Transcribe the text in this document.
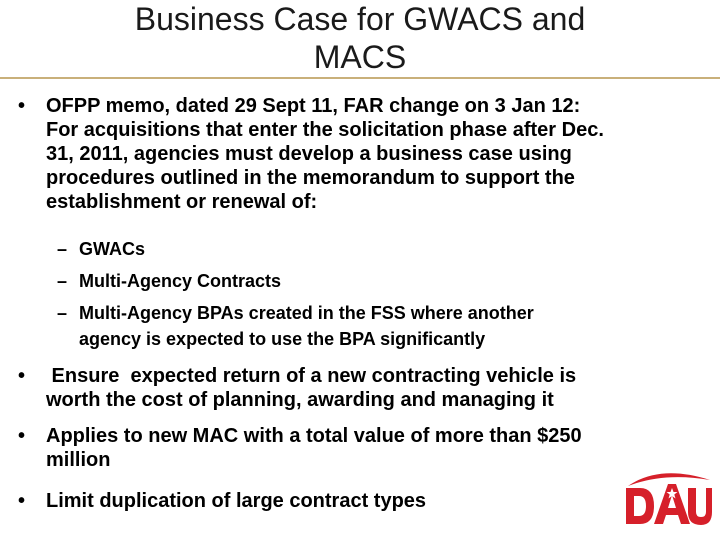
Business Case for GWACS and
MACS
• OFPP memo, dated 29 Sept 11, FAR change on 3 Jan 12:
For acquisitions that enter the solicitation phase after Dec.
31, 2011, agencies must develop a business case using
procedures outlined in the memorandum to support the
establishment or renewal of:
– GWACs
– Multi-Agency Contracts
– Multi-Agency BPAs created in the FSS where another
agency is expected to use the BPA significantly
• Ensure  expected return of a new contracting vehicle is
worth the cost of planning, awarding and managing it
• Applies to new MAC with a total value of more than $250
million
• Limit duplication of large contract types
